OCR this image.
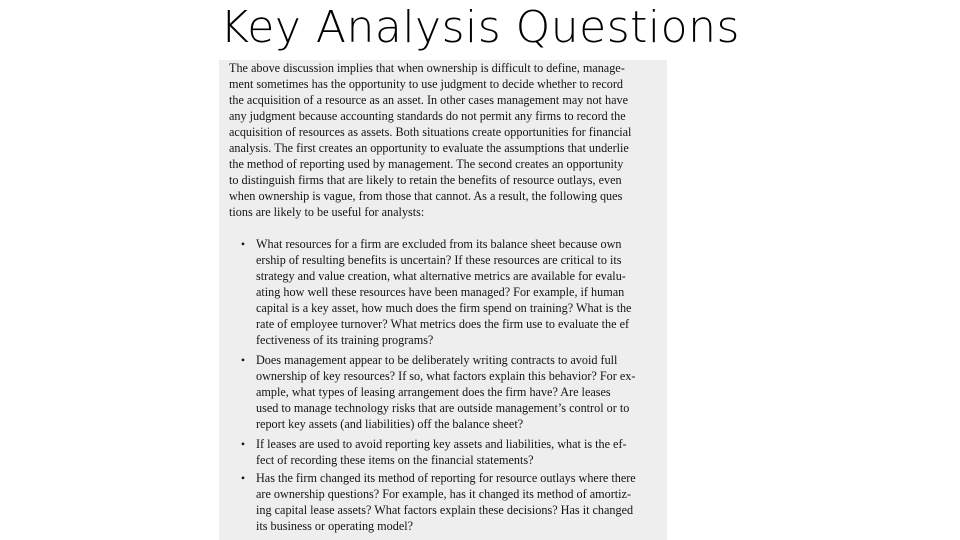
Key Analysis Questions
The above discussion implies that when ownership is difficult to define, manage-
ment sometimes has the opportunity to use judgment to decide whether to record
the acquisition of a resource as an asset. In other cases management may not have
any judgment because accounting standards do not permit any firms to record the
acquisition of resources as assets. Both situations create opportunities for financial
analysis. The first creates an opportunity to evaluate the assumptions that underlie
the method of reporting used by management. The second creates an opportunity
to distinguish firms that are likely to retain the benefits of resource outlays, even
when ownership is vague, from those that cannot. As a result, the following ques
tions are likely to be useful for analysts:
• What resources for a firm are excluded from its balance sheet because own
ership of resulting benefits is uncertain? If these resources are critical to its
strategy and value creation, what alternative metrics are available for evalu-
ating how well these resources have been managed? For example, if human
capital is a key asset, how much does the firm spend on training? What is the
rate of employee turnover? What metrics does the firm use to evaluate the ef
fectiveness of its training programs?
• Does management appear to be deliberately writing contracts to avoid full
ownership of key resources? If so, what factors explain this behavior? For ex-
ample, what types of leasing arrangement does the firm have? Are leases
used to manage technology risks that are outside management’s control or to
report key assets (and liabilities) off the balance sheet?
• If leases are used to avoid reporting key assets and liabilities, what is the ef-
fect of recording these items on the financial statements?
• Has the firm changed its method of reporting for resource outlays where there
are ownership questions? For example, has it changed its method of amortiz-
ing capital lease assets? What factors explain these decisions? Has it changed
its business or operating model?
